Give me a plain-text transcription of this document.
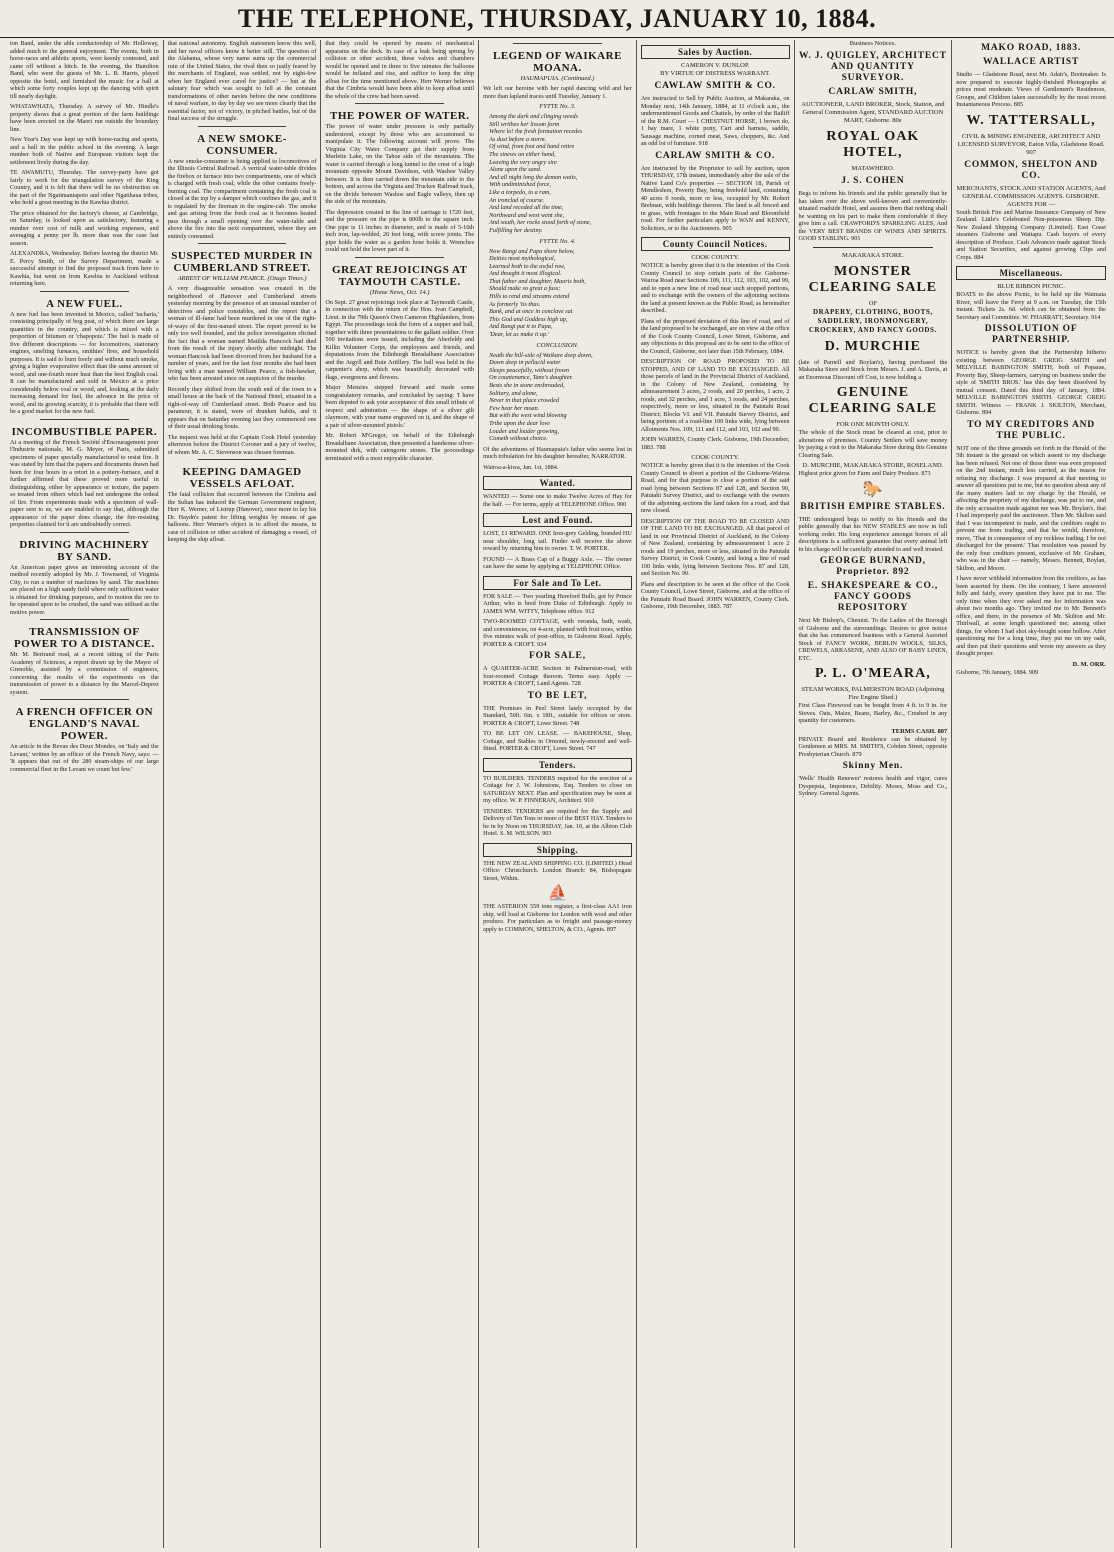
THE TELEPHONE, THURSDAY, JANUARY 10, 1884.

ton Band, under the able conductorship of Mr. Holloway, added much to the general enjoyment. The events, both in horse-races and athletic sports, were keenly contested, and came off without a hitch. In the evening, the Hamilton Band, who were the guests of Mr. L. B. Harris, played opposite the hotel, and furnished the music for a ball at which some forty couples kept up the dancing with spirit till nearly daylight.

WHATAWHATA, Thursday. A survey of Mr. Hindle's property shows that a great portion of the farm buildings have been erected on the Maori run outside the boundary line.

New Year's Day was kept up with horse-racing and sports, and a ball in the public school in the evening. A large number both of Native and European visitors kept the settlement lively during the day.

TE AWAMUTU, Thursday. The survey-party have got fairly to work for the triangulation survey of the King Country, and it is felt that there will be no obstruction on the part of the Ngatimaniapoto and other Ngatihaua tribes, who hold a great meeting in the Kawhia district.

The price obtained for the factory's cheese, at Cambridge, on Saturday, is looked upon as satisfactory, featuring a number over cost of milk and working expenses, and averaging a penny per lb. more than was the case last season.

ALEXANDRA, Wednesday. Before leaving the district Mr. E. Percy Smith, of the Survey Department, made a successful attempt to find the proposed track from here to Kawhia, but went on from Kawhia to Auckland without returning here.

A NEW FUEL.

A new fuel has been invented in Mexico, called 'tacharia,' consisting principally of bog peat, of which there are large quantities in the country, and which is mixed with a proportion of bitumen or 'chapopote.' The fuel is made of five different descriptions — for locomotives, stationary engines, smelting furnaces, smithies' fires, and household purposes. It is said to burn freely and without much smoke, giving a higher evaporative effect than the same amount of wood, and one-fourth more heat than the best English coal. It can be manufactured and sold in Mexico at a price considerably below coal or wood, and, looking at the daily increasing demand for fuel, the advance in the price of wood, and its growing scarcity, it is probable that there will be a good market for the new fuel.

INCOMBUSTIBLE PAPER.

At a meeting of the French Société d'Encouragement pour l'Industrie nationale, M. G. Meyer, of Paris, submitted specimens of paper specially manufactured to resist fire. It was stated by him that the papers and documents drawn had been for four hours in a retort in a pottery-furnace, and it further affirmed that these proved more useful in distinguishing, either by appearance or texture, the papers so treated from others which had not undergone the ordeal of fire. From experiments made with a specimen of wall-paper sent to us, we are enabled to say that, although the appearance of the paper does change, the fire-resisting properties claimed for it are undoubtedly correct.

DRIVING MACHINERY BY SAND.

An American paper gives an interesting account of the method recently adopted by Mr. J. Townsend, of Virginia City, to run a number of machines by sand. The machines are placed on a high sandy field where only sufficient water is obtained for drinking purposes, and to motion the ore to be operated upon to be crushed, the sand was utilised as the motive power.

TRANSMISSION OF POWER TO A DISTANCE.

Mr. M. Bertrand read, at a recent sitting of the Paris Academy of Sciences, a report drawn up by the Mayor of Grenoble, assisted by a commission of engineers, concerning the results of the experiments on the transmission of power to a distance by the Marcel-Deprez system.

A FRENCH OFFICER ON ENGLAND'S NAVAL POWER.

An article in the Revue des Deux Mondes, on 'Italy and the Levant,' written by an officer of the French Navy, says: — 'It appears that out of the 280 steam-ships of our large commercial fleet in the Levant we count but few.'

that national autonomy. English statesmen know this well, and her naval officers know it better still. The question of the Alabama, whose very name sums up the commercial ruin of the United States, the rival then so justly feared by the merchants of England, was settled, not by eight-few when her England ever cared for justice? — but at the salutary fear which was sought to fell at the constant transformations of other navies before the new conditions of naval warfare, to day by day we see more clearly that the essential factor, not of victory, in pitched battles, but of the final success of the struggle.

A NEW SMOKE-CONSUMER.

A new smoke-consumer is being applied to locomotives of the Illinois Central Railroad. A vertical water-table divides the firebox or furnace into two compartments, one of which is charged with fresh coal, while the other contains freely-burning coal. The compartment containing the fresh coal is closed at the top by a damper which confines the gas, and it is regulated by the fireman in the engine-cab. The smoke and gas arising from the fresh coal as it becomes heated pass through a small opening over the water-table and above the fire into the next compartment, where they are entirely consumed.

SUSPECTED MURDER IN CUMBERLAND STREET.
ARREST OF WILLIAM PEARCE. (Otago Times.)

A very disagreeable sensation was created in the neighborhood of Hanover and Cumberland streets yesterday morning by the presence of an unusual number of detectives and police constables, and the report that a woman of ill-fame had been murdered in one of the right-of-ways of the first-named street. The report proved to be only too well founded, and the police investigation elicited the fact that a woman named Matilda Hancock had died from the result of the injury shortly after midnight. The woman Hancock had been divorced from her husband for a number of years, and for the last four months she had been living with a man named William Pearce, a fish-hawker, who has been arrested since on suspicion of the murder.

Recently they shifted from the south end of the town to a small house at the back of the National Hotel, situated in a right-of-way off Cumberland street. Both Pearce and his paramour, it is stated, were of drunken habits, and it appears that on Saturday evening last they commenced one of their usual drinking bouts.

The inquest was held at the Captain Cook Hotel yesterday afternoon before the District Coroner and a jury of twelve, of whom Mr. A. C. Stevenson was chosen foreman.

KEEPING DAMAGED VESSELS AFLOAT.

The fatal collision that occurred between the Cimbria and the Sultan has induced the German Government engineer, Herr K. Werner, of Listrup (Hanover), once more to lay his Dr. Haydn's patent for lifting weights by means of gas balloons. Herr Werner's object is to afford the means, in case of collision or other accident of damaging a vessel, of keeping the ship afloat.

that they could be opened by means of mechanical apparatus on the deck. In case of a leak being sprung by collision or other accident, these valves and chambers would be opened and in three to five minutes the balloons would be inflated and rise, and suffice to keep the ship afloat for the time mentioned above. Herr Werner believes that the Cimbria would have been able to keep afloat until the whole of the crew had been saved.

THE POWER OF WATER.

The power of water under pressure is only partially understood, except by those who are accustomed to manipulate it. The following account will prove. The Virginia City Water Company get their supply from Marlette Lake, on the Tahoe side of the mountains. The water is carried through a long tunnel to the crest of a high mountain opposite Mount Davidson, with Washoe Valley between. It is then carried down the mountain side to the bottom, and across the Virginia and Truckee Railroad track, on the divide between Washoe and Eagle valleys, then up the side of the mountain.

The depression created in the line of carriage is 1720 feet, and the pressure on the pipe is 800lb to the square inch. One pipe is 11 inches in diameter, and is made of 5-16th inch iron, lap-welded, 26 feet long, with screw joints. The pipe holds the water as a garden hose holds it. Wrenches could not hold the lower part of it.

GREAT REJOICINGS AT TAYMOUTH CASTLE.
(Home News, Oct. 14.)

On Sept. 27 great rejoicings took place at Taymouth Castle, in connection with the return of the Hon. Ivan Campbell, Lieut. in the 79th Queen's Own Cameron Highlanders, from Egypt. The proceedings took the form of a supper and ball, together with three presentations to the gallant soldier. Over 500 invitations were issued, including the Aberfeldy and Killin Volunteer Corps, the employees and friends, and deputations from the Edinburgh Breadalbane Association and the Argyll and Bute Artillery. The ball was held in the carpenter's shop, which was beautifully decorated with flags, evergreens and flowers.

Major Menzies stepped forward and made some congratulatory remarks, and concluded by saying: 'I have been deputed to ask your acceptance of this small tribute of respect and admiration — the shape of a silver gilt claymore, with your name engraved on it, and the shape of a pair of silver-mounted pistols.'

Mr. Robert M'Gregor, on behalf of the Edinburgh Breadalbane Association, then presented a handsome silver-mounted dirk, with cairngorm stones. The proceedings terminated with a most enjoyable character.

LEGEND OF WAIKARE MOANA.
HAUMAPUIA. (Continued.)

We left our heroine with her rapid dancing wild and her more than lapland traces until Tuesday, January 1.

FYTTE No. 3.
Among the dark and clinging weeds
Still writhes her lissom form
Where lo! the fresh formation recedes
As dust before a storm.
Of wind, from foot and hand retire
The sinews on either hand,
Leaving the very angry sire
Alone upon the sand.
And all night long the demon waits,
With undiminished force,
Like a torpedo, to a ram,
An ironclad of course.
And land receded all the time,
Northward and west went she,
And south, her rocks stood forth of stone,
Fulfilling her destiny.
FYTTE No. 4.
Now Rangi and Papa shore below,
Deities most mythological,
Learned both to the awful row,
And thought it most illogical.
That father and daughter, Maoris both,
Should make so great a fuss;
Hills to rend and streams extend
As formerly 'tis thus.
Bank, and at once in conclave sat
This God and Goddess high up,
And Rangi put it to Papa,
'Dear, let us make it up.'
CONCLUSION.
Neath the hill-side of Waikare deep down,
Down deep in pellucid water
Sleeps peacefully, without frown
On countenance, Tane's daughter.
Bests she in stone enshrouded,
Solitary, and alone,
Never in that place crowded
Few hear her moan.
But with the west wind blowing
Tribe upon the dear love
Louder and louder growing,
Cometh without choice.

Of the adventures of Haumapuia's father who seems lost in much tribulation for his daughter hereafter, NARRATOR.

Wairoa-a-kiwa, Jan. 1st, 1884.

Wanted.

WANTED — Some one to make Twelve Acres of Hay for the half. — For terms, apply at TELEPHONE Office. 900

Lost and Found.

LOST, £1 REWARD. ONE Iron-grey Gelding, branded HU near shoulder, long tail. Finder will receive the above reward by returning him to owner. T. W. PORTER.

FOUND — A Brass Cap of a Buggy Axle. — The owner can have the same by applying at TELEPHONE Office.

For Sale and To Let.

FOR SALE — Two yearling Hereford Bulls, got by Prince Arthur, who is bred from Duke of Edinburgh. Apply to JAMES WM. WITTY, Telephone office. 912

TWO-ROOMED COTTAGE, with veranda, bath, wash, and conveniences, on 4-acre, planted with fruit trees, within five minutes walk of post-office, in Gisborne Road. Apply, PORTER & CROFT. 934

FOR SALE,

A QUARTER-ACRE Section in Palmerston-road, with four-roomed Cottage thereon. Terms easy. Apply — PORTER & CROFT, Land Agents. 728

TO BE LET,

THE Premises in Peel Street lately occupied by the Standard, 50ft. 6in. x 18ft., suitable for offices or store. PORTER & CROFT, Lowe Street. 748

TO BE LET ON LEASE. — BAKEHOUSE, Shop, Cottage, and Stables in Ormond, newly-erected and well-fitted. PORTER & CROFT, Lowe Street. 747

Tenders.

TO BUILDERS. TENDERS required for the erection of a Cottage for J. W. Johnstone, Esq. Tenders to close on SATURDAY NEXT. Plan and specification may be seen at my office. W. P. FINNERAN, Architect. 910

TENDERS. TENDERS are required for the Supply and Delivery of Ten Tons or more of the BEST HAY. Tenders to be in by Noon on THURSDAY, Jan. 10, at the Albion Club Hotel. S. M. WILSON. 903

Shipping.

THE NEW ZEALAND SHIPPING CO. (LIMITED.) Head Office: Christchurch. London Branch: 84, Bishopsgate Street, Within.

⛵

THE ASTERION 559 tons register, a first-class AA1 iron ship, will load at Gisborne for London with wool and other produce. For particulars as to freight and passage-money apply to COMMON, SHELTON, & CO., Agents. 897

Sales by Auction.
CAMERON V. DUNLOP.
BY VIRTUE OF DISTRESS WARRANT.
CAWLAW SMITH & CO.

Are instructed to Sell by Public Auction, at Makaraka, on Monday next, 14th January, 1884, at 11 o'clock a.m., the undermentioned Goods and Chattels, by order of the Bailiff of the R.M. Court — 1 CHESTNUT HORSE, 1 brown do, 1 bay mare, 1 white pony, Cart and harness, saddle, Sausage machine, corned meat, Saws, choppers, &c. And an odd lot of furniture. 918

CARLAW SMITH & CO.

Are instructed by the Proprietor to sell by auction, upon THURSDAY, 17th instant, immediately after the sale of the Native Land Co's properties — SECTION 18, Parish of Mendleshon, Poverty Bay, being freehold land, containing 40 acres 0 roods, more or less, occupied by Mr. Robert Brebnan, with buildings thereon. The land is all fenced and in grass, with frontages to the Main Road and Bloomfield road. For further particulars apply to WAN and KENNY, Solicitors, or to the Auctioneers. 905

County Council Notices.
COOK COUNTY.

NOTICE is hereby given that it is the intention of the Cook County Council to stop certain parts of the Gisborne-Wairoa Road near Sections 109, 111, 112, 103, 102, and 99, and to open a new line of road near such stopped portions, and to exchange with the owners of the adjoining sections the land at present known as the Public Road, as hereinafter described.

Plans of the proposed deviation of this line of road, and of the land proposed to be exchanged, are on view at the office of the Cook County Council, Lowe Street, Gisborne, and any objections to this proposal are to be sent to the office of the Council, Gisborne, not later than 15th February, 1884.

DESCRIPTION OF ROAD PROPOSED TO BE STOPPED, AND OF LAND TO BE EXCHANGED. All those parcels of land in the Provincial District of Auckland, in the Colony of New Zealand, containing by admeasurement 3 acres, 2 roods, and 20 perches, 1 acre, 2 roods, and 32 perches, and 1 acre, 3 roods, and 24 perches, respectively, more or less, situated in the Patutahi Road District; Blocks VI. and VII. Patutahi Survey District, and being portions of a road-line 100 links wide, lying between Allotments Nos. 109, 111 and 112, and 103, 102 and 99.

JOHN WARREN, County Clerk. Gisborne, 19th December, 1883. 788

COOK COUNTY.

NOTICE is hereby given that it is the intention of the Cook County Council to divert a portion of the Gisborne-Wairoa Road, and for that purpose to close a portion of the said road lying between Sections 87 and 128, and Section 90, Patutahi Survey District, and to exchange with the owners of the adjoining sections the land taken for a road, and that now closed.

DESCRIPTION OF THE ROAD TO BE CLOSED AND OF THE LAND TO BE EXCHANGED. All that parcel of land in our Provincial District of Auckland, in the Colony of New Zealand, containing by admeasurement 1 acre 2 roods and 19 perches, more or less, situated in the Patutahi Survey District, in Cook County, and being a line of road 100 links wide, lying between Sections Nos. 87 and 128, and Section No. 90.

Plans and description to be seen at the office of the Cook County Council, Lowe Street, Gisborne, and at the office of the Patutahi Road Board. JOHN WARREN, County Clerk. Gisborne, 19th December, 1883. 787

Business Notices.
W. J. QUIGLEY, ARCHITECT AND QUANTITY SURVEYOR.
CARLAW SMITH,
AUCTIONEER, LAND BROKER, Stock, Station, and General Commission Agent, STANDARD AUCTION MART, Gisborne. 80e
ROYAL OAK HOTEL,
MATAWHERO.
J. S. COHEN

Begs to inform his friends and the public generally that he has taken over the above well-known and conveniently-situated roadside Hotel, and assures them that nothing shall be wanting on his part to make them comfortable if they give him a call. CRAWFORD'S SPARKLING ALES, And the VERY BEST BRANDS OF WINES AND SPIRITS. GOOD STABLING. 901

MAKARAKA STORE.
MONSTER CLEARING SALE
OF
DRAPERY, CLOTHING, BOOTS, SADDLERY, IRONMONGERY, CROCKERY, AND FANCY GOODS.
D. MURCHIE

(late of Parnell and Boylan's), having purchased the Makaraka Store and Stock from Messrs. J. and A. Davis, at an Enormous Discount off Cost, is now holding a

GENUINE CLEARING SALE
FOR ONE MONTH ONLY.

The whole of the Stock must be cleared at cost, prior to alterations of premises. Country Settlers will save money by paying a visit to the Makaraka Store during this Genuine Clearing Sale.

D. MURCHIE, MAKARAKA STORE, ROSELAND.

Highest price given for Farm and Dairy Produce. 873

🐎
BRITISH EMPIRE STABLES.

THE undersigned begs to notify to his friends and the public generally that his NEW STABLES are now in full working order. His long experience amongst horses of all descriptions is a sufficient guarantee that every animal left in his charge will be carefully attended to and well treated.

GEORGE BURNAND, Proprietor. 892
E. SHAKESPEARE & CO., FANCY GOODS REPOSITORY

Next Mr Bishop's, Chemist. To the Ladies of the Borough of Gisborne and the surroundings. Desires to give notice that she has commenced business with a General Assorted Stock of FANCY WORK, BERLIN WOOLS, SILKS, CREWELS, ARRASENE, AND ALSO OF BABY LINEN, ETC.

P. L. O'MEARA,
STEAM WORKS, PALMERSTON ROAD (Adjoining Fire Engine Shed.)

First Class Firewood can be bought from 4 ft. to 9 in. for Stoves. Oats, Maize, Beans, Barley, &c., Crushed in any quantity for customers.

TERMS CASH. 887

PRIVATE Board and Residence can be obtained by Gentlemen at MRS. M. SMITH'S, Cobden Street, opposite Presbyterian Church. 879

Skinny Men.

'Wells' Health Renewer' restores health and vigor, cures Dyspepsia, Impotence, Debility. Moses, Moss and Co., Sydney. General Agents.

MAKO ROAD, 1883.
WALLACE ARTIST

Studio — Gladstone Road, next Mr. Adair's, Bootmaker. Is now prepared to execute highly-finished Photographs at prices most moderate. Views of Gentlemen's Residences, Groups, and Children taken successfully by the most recent Instantaneous Process. 885

W. TATTERSALL,
CIVIL & MINING ENGINEER, ARCHITECT AND LICENSED SURVEYOR, Eaton Villa, Gladstone Road. 907
COMMON, SHELTON AND CO.
MERCHANTS, STOCK AND STATION AGENTS, And GENERAL COMMISSION AGENTS. GISBORNE. AGENTS FOR —

South British Fire and Marine Insurance Company of New Zealand. Little's Celebrated Non-poisonous Sheep Dip. New Zealand Shipping Company (Limited). East Coast steamers Gisborne and Waitapu. Cash buyers of every description of Produce. Cash Advances made against Stock and Station Securities, and against growing Clips and Crops. 884

Miscellaneous.
BLUE RIBBON PICNIC.

BOATS to the above Picnic, to be held up the Waimata River, will leave the Ferry at 9 a.m. on Tuesday, the 15th instant. Tickets 2s. 6d. which can be obtained from the Secretary and Committee. W. FHARRATT, Secretary. 914

DISSOLUTION OF PARTNERSHIP.

NOTICE is hereby given that the Partnership hitherto existing between GEORGE GREIG SMITH and MELVILLE BABINGTON SMITH, both of Poparae, Poverty Bay, Sheep-farmers, carrying on business under the style of 'SMITH BROS.' has this day been dissolved by mutual consent. Dated this third day of January, 1884. MELVILLE BABINGTON SMITH. GEORGE GREIG SMITH. Witness — FRANK J. SKILTON, Merchant, Gisborne. 894

TO MY CREDITORS AND THE PUBLIC.

NOT one of the three grounds set forth in the Herald of the 5th instant is the ground on which assent to my discharge has been refused. Not one of those three was even proposed on the 2nd instant, much less carried, as the reason for refusing my discharge. I was prepared at that meeting to answer all questions put to me, but no question about any of the many matters laid to my charge by the Herald, or affecting the propriety of my discharge, was put to me, and the only accusation made against me was Mr. Boylan's, that I had improperly paid the auctioneer. Then Mr. Skilton said that I was incompetent to trade, and the creditors ought to prevent me from trading, and that he would, therefore, move, 'That in consequence of my reckless trading, I be not discharged for the present.' That resolution was passed by the only four creditors present, exclusive of Mr. Graham, who was in the chair — namely, Messrs. Bennett, Boylan, Skilton, and Moore.

I have never withheld information from the creditors, as has been asserted by them. On the contrary, I have answered fully and fairly, every question they have put to me. The only time when they ever asked me for information was about two months ago. They invited me to Mr. Bennett's office, and there, in the presence of Mr. Skilton and Mr. Thirlwall, at some length questioned me; among other things, for whom I had shot sky-bought some hollow. After questioning me for a long time, they put me on my oath, and then put their questions and wrote my answers as they thought proper.

D. M. ORR.

Gisborne, 7th January, 1884. 909
